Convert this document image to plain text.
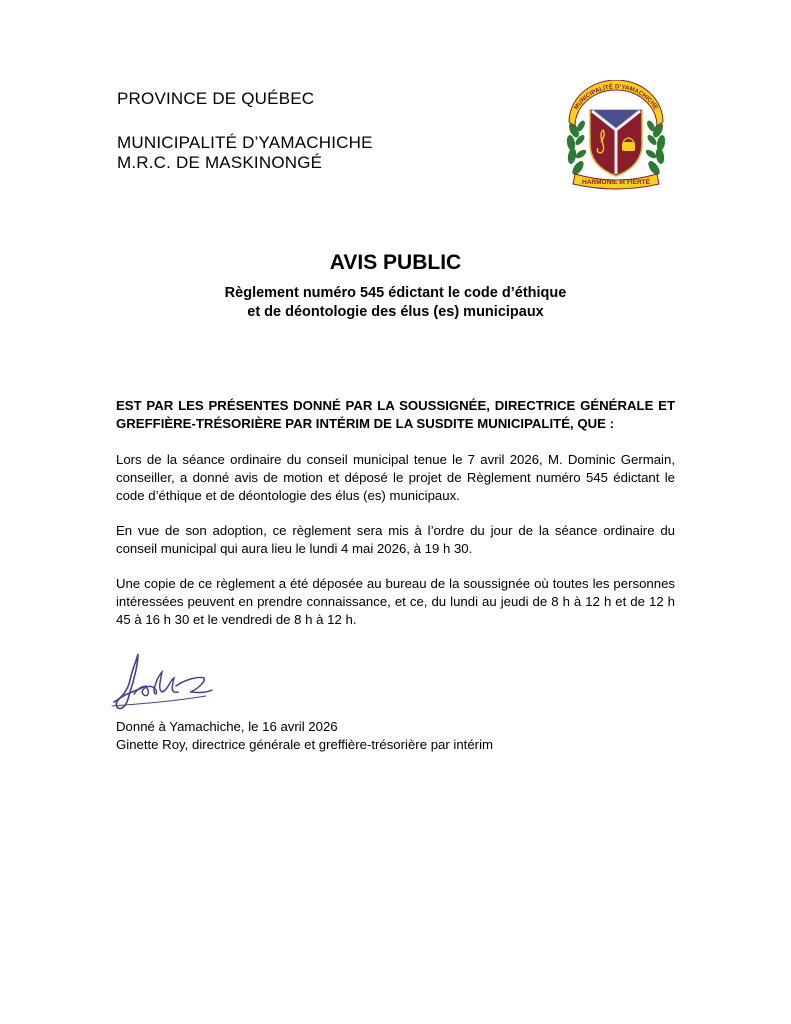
PROVINCE DE QUÉBEC
MUNICIPALITÉ D’YAMACHICHE
M.R.C. DE MASKINONGÉ
MUNICIPALITÉ D’YAMACHICHE
HARMONIE et FIERTÉ
AVIS PUBLIC
Règlement numéro 545 édictant le code d’éthique
et de déontologie des élus (es) municipaux

EST PAR LES PRÉSENTES DONNÉ PAR LA SOUSSIGNÉE, DIRECTRICE GÉNÉRALE ET GREFFIÈRE-TRÉSORIÈRE PAR INTÉRIM DE LA SUSDITE MUNICIPALITÉ, QUE :

Lors de la séance ordinaire du conseil municipal tenue le 7 avril 2026, M. Dominic Germain, conseiller, a donné avis de motion et déposé le projet de Règlement numéro 545 édictant le code d’éthique et de déontologie des élus (es) municipaux.

En vue de son adoption, ce règlement sera mis à l’ordre du jour de la séance ordinaire du conseil municipal qui aura lieu le lundi 4 mai 2026, à 19 h 30.

Une copie de ce règlement a été déposée au bureau de la soussignée où toutes les personnes intéressées peuvent en prendre connaissance, et ce, du lundi au jeudi de 8 h à 12 h et de 12 h 45 à 16 h 30 et le vendredi de 8 h à 12 h.

Donné à Yamachiche, le 16 avril 2026
Ginette Roy, directrice générale et greffière-trésorière par intérim
